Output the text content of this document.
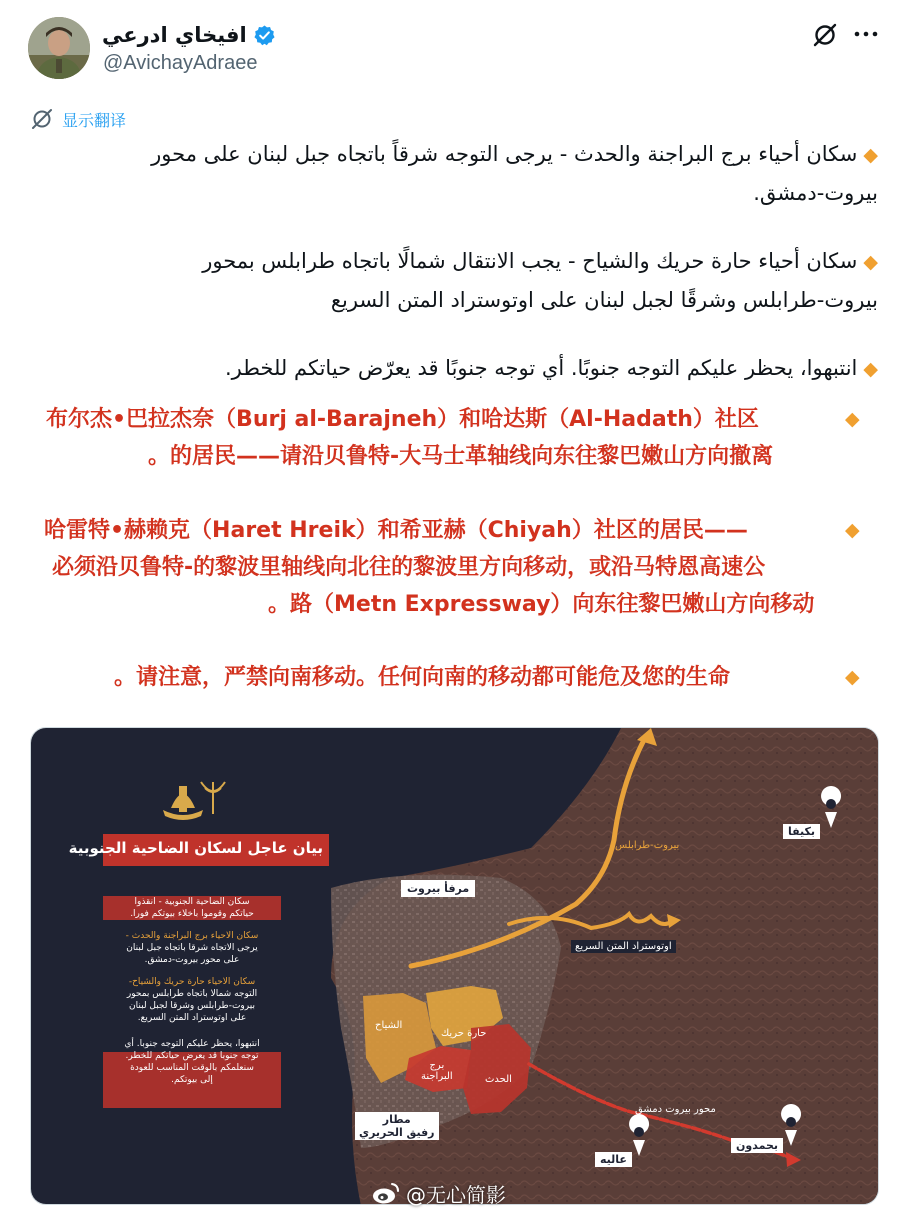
افيخاي ادرعي
@AvichayAdraee
显示翻译
◆سكان أحياء برج البراجنة والحدث - يرجى التوجه شرقاً باتجاه جبل لبنان على محور
بيروت-دمشق.
◆سكان أحياء حارة حريك والشياح - يجب الانتقال شمالًا باتجاه طرابلس بمحور
بيروت-طرابلس وشرقًا لجبل لبنان على اوتوستراد المتن السريع
◆انتبهوا، يحظر عليكم التوجه جنوبًا. أي توجه جنوبًا قد يعرّض حياتكم للخطر.
布尔杰•巴拉杰奈（Burj al-Barajneh）和哈达斯（Al-Hadath）社区	◆
。的居民——请沿贝鲁特-大马士革轴线向东往黎巴嫩山方向撤离
哈雷特•赫赖克（Haret Hreik）和希亚赫（Chiyah）社区的居民——	◆
必须沿贝鲁特-的黎波里轴线向北往的黎波里方向移动，或沿马特恩高速公
。路（Metn Expressway）向东往黎巴嫩山方向移动
。请注意，严禁向南移动。任何向南的移动都可能危及您的生命	◆
بيان عاجل لسكان الضاحية الجنوبية
سكان الضاحية الجنوبية - انقذوا
حياتكم وقوموا باخلاء بيوتكم فورا.
سكان الاحياء برج البراجنة والحدث -
يرجى الاتجاه شرقا باتجاه جبل لبنان
على محور بيروت-دمشق.
سكان الاحياء حارة حريك والشياح-
التوجه شمالا باتجاه طرابلس بمحور
بيروت-طرابلس وشرقا لجبل لبنان
على اوتوستراد المتن السريع.
انتبهوا، يحظر عليكم التوجه جنوبا. أي
توجه جنوبا قد يعرض حياتكم للخطر.
سنعلمكم بالوقت المناسب للعودة
إلى بيوتكم.
مرفأ بيروت
بيروت-طرابلس
اوتوستراد المتن السريع
بكيفا
الشياح
حارة حريك
برج
البراجنة	الحدث
مطار
رفيق الحريري
محور بيروت دمشق
عاليه
بحمدون
@无心简影
